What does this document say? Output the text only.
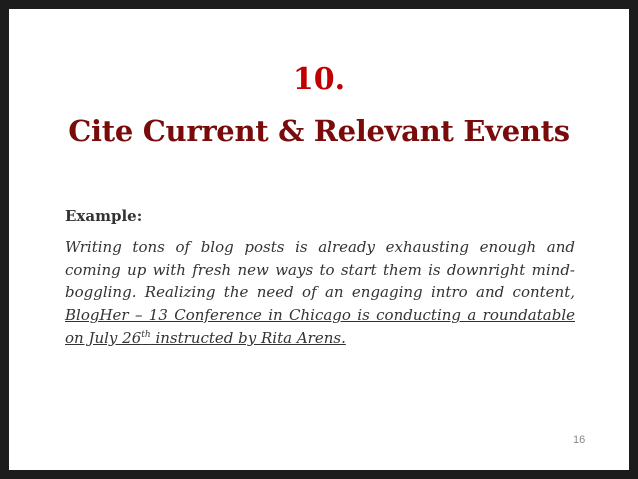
10.
Cite Current & Relevant Events
Example:
Writing tons of blog posts is already exhausting enough and coming up with fresh new ways to start them is downright mind-boggling. Realizing the need of an engaging intro and content, BlogHer – 13 Conference in Chicago is conducting a roundatable on July 26th instructed by Rita Arens.
16
